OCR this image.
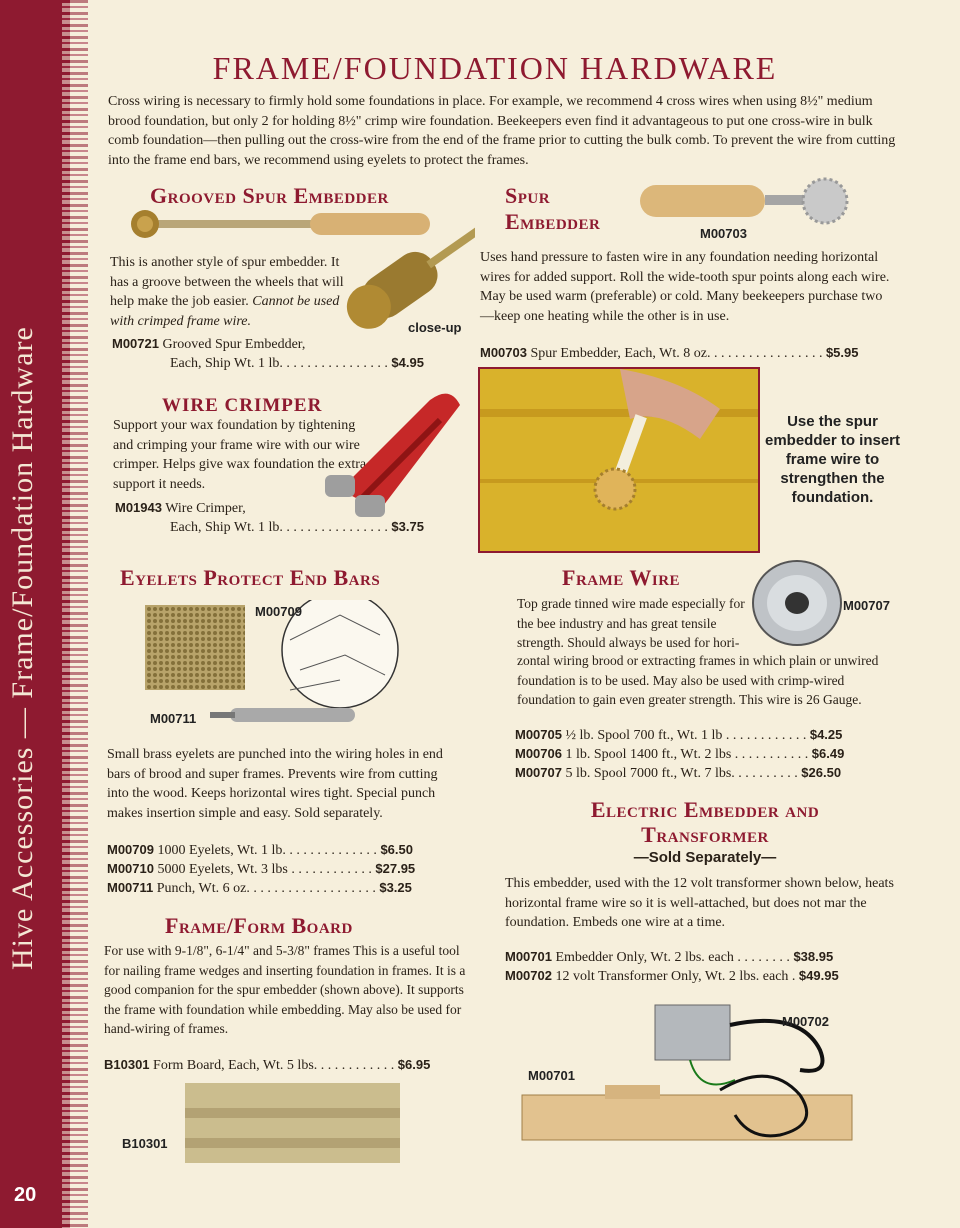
Hive Accessories — Frame/Foundation Hardware
20
FRAME/FOUNDATION HARDWARE
Cross wiring is necessary to firmly hold some foundations in place. For example, we recommend 4 cross wires when using 8½" medium brood foundation, but only 2 for holding 8½" crimp wire foundation. Beekeepers even find it advantageous to put one cross-wire in bulk comb foundation—then pulling out the cross-wire from the end of the frame prior to cutting the bulk comb. To prevent the wire from cutting into the frame end bars, we recommend using eyelets to protect the frames.
Grooved Spur Embedder
close-up
This is another style of spur embedder. It has a groove between the wheels that will help make the job easier. Cannot be used with crimped frame wire.
M00721 Grooved Spur Embedder,
Each, Ship Wt. 1 lb. . . . . . . . . . . . . . . . $4.95
WIRE CRIMPER
Support your wax foundation by tightening and crimping your frame wire with our wire crimper. Helps give wax foundation the extra support it needs.
M01943 Wire Crimper,
Each, Ship Wt. 1 lb. . . . . . . . . . . . . . . . $3.75
Eyelets Protect End Bars
M00709
M00711
Small brass eyelets are punched into the wiring holes in end bars of brood and super frames. Prevents wire from cutting into the wood. Keeps horizontal wires tight. Special punch makes insertion simple and easy. Sold separately.
M00709 1000 Eyelets, Wt. 1 lb. . . . . . . . . . . . . . $6.50
M00710 5000 Eyelets, Wt. 3 lbs . . . . . . . . . . . . $27.95
M00711 Punch, Wt. 6 oz. . . . . . . . . . . . . . . . . . . $3.25
Frame/Form Board
For use with 9-1/8", 6-1/4" and 5-3/8" frames This is a useful tool for nailing frame wedges and inserting foundation in frames. It is a good companion for the spur embedder (shown above). It supports the frame with foundation while embedding. May also be used for hand-wiring of frames.
B10301 Form Board, Each, Wt. 5 lbs. . . . . . . . . . . . $6.95
B10301
Spur
Embedder	M00703
Uses hand pressure to fasten wire in any foundation needing horizontal wires for added support. Roll the wide-tooth spur points along each wire. May be used warm (preferable) or cold. Many beekeepers purchase two—keep one heating while the other is in use.
M00703 Spur Embedder, Each, Wt. 8 oz. . . . . . . . . . . . . . . . . $5.95
Use the spur embedder to insert frame wire to strengthen the foundation.
Frame Wire
M00707
Top grade tinned wire made especially for the bee industry and has great tensile strength. Should always be used for hori-
zontal wiring brood or extracting frames in which plain or unwired foundation is to be used. May also be used with crimp-wired foundation to gain even greater strength. This wire is 26 Gauge.
M00705 ½ lb. Spool 700 ft., Wt. 1 lb . . . . . . . . . . . . $4.25
M00706 1 lb. Spool 1400 ft., Wt. 2 lbs . . . . . . . . . . . $6.49
M00707 5 lb. Spool 7000 ft., Wt. 7 lbs. . . . . . . . . . $26.50
Electric Embedder and
Transformer
—Sold Separately—
This embedder, used with the 12 volt transformer shown below, heats horizontal frame wire so it is well-attached, but does not mar the foundation. Embeds one wire at a time.
M00701 Embedder Only, Wt. 2 lbs. each . . . . . . . . $38.95
M00702 12 volt Transformer Only, Wt. 2 lbs. each . $49.95
M00702
M00701
